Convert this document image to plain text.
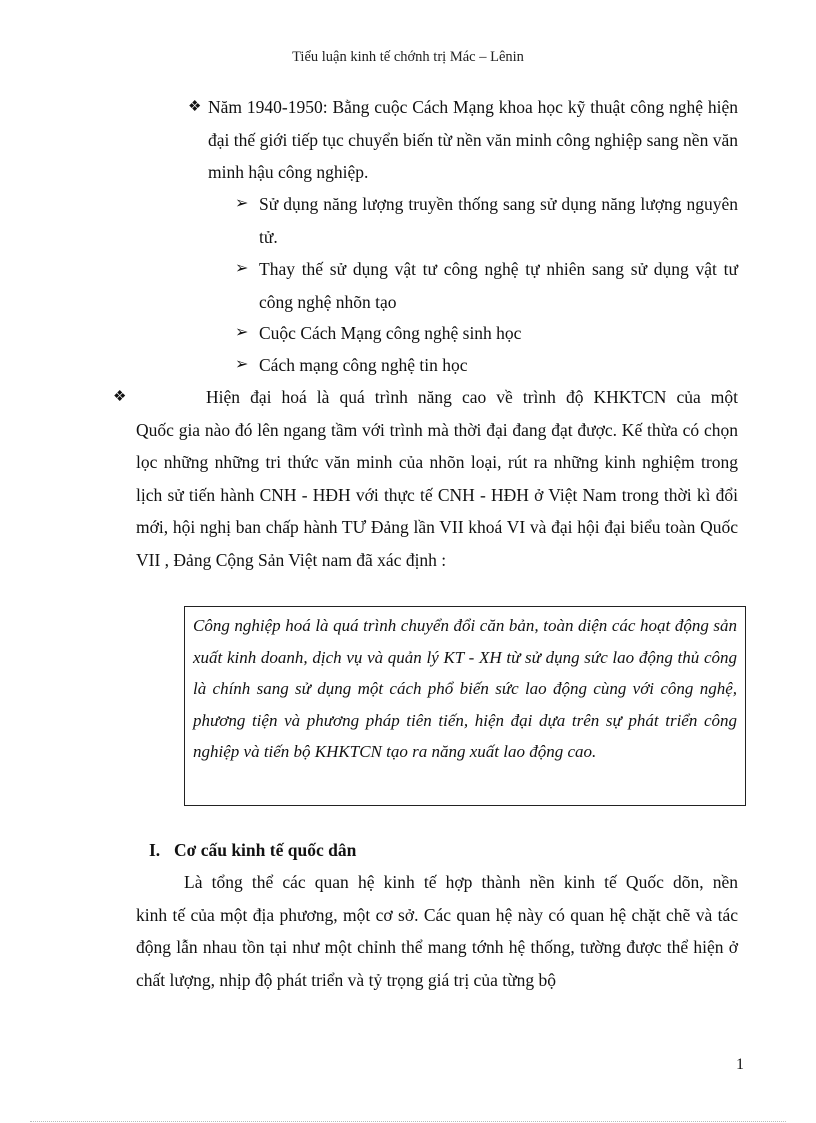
Tiểu luận kinh tế chớnh trị Mác – Lênin
❖ Năm 1940-1950: Bằng cuộc Cách Mạng khoa học kỹ thuật công nghệ hiện đại thế giới tiếp tục chuyển biến từ nền văn minh công nghiệp sang nền văn minh hậu công nghiệp.
➢ Sử dụng năng lượng truyền thống sang sử dụng năng lượng nguyên tử.
➢ Thay thế sử dụng vật tư công nghệ tự nhiên sang sử dụng vật tư công nghệ nhõn tạo
➢ Cuộc Cách Mạng công nghệ sinh học
➢ Cách mạng công nghệ tin học
❖	Hiện đại hoá là quá trình năng cao về trình độ KHKTCN của một
Quốc gia nào đó lên ngang tầm với trình mà thời đại đang đạt được. Kế thừa có chọn lọc những những tri thức văn minh của nhõn loại, rút ra những kinh nghiệm trong lịch sử tiến hành CNH - HĐH với thực tế CNH - HĐH ở Việt Nam trong thời kì đổi mới, hội nghị ban chấp hành TƯ Đảng lần VII khoá VI và đại hội đại biểu toàn Quốc VII , Đảng Cộng Sản Việt nam đã xác định :
Công nghiệp hoá là quá trình chuyển đổi căn bản, toàn diện các hoạt động sản xuất kinh doanh, dịch vụ và quản lý KT - XH từ sử dụng sức lao động thủ công là chính sang sử dụng một cách phổ biến sức lao động cùng với công nghệ, phương tiện và phương pháp tiên tiến, hiện đại dựa trên sự phát triển công nghiệp và tiến bộ KHKTCN tạo ra năng xuất lao động cao.
I. Cơ cấu kinh tế quốc dân
Là tổng thể các quan hệ kinh tế hợp thành nền kinh tế Quốc dõn, nền
kinh tế của một địa phương, một cơ sở. Các quan hệ này có quan hệ chặt chẽ và tác động lẫn nhau tồn tại như một chỉnh thể mang tớnh hệ thống, tường được thể hiện ở chất lượng, nhịp độ phát triển và tỷ trọng giá trị của từng bộ
1
